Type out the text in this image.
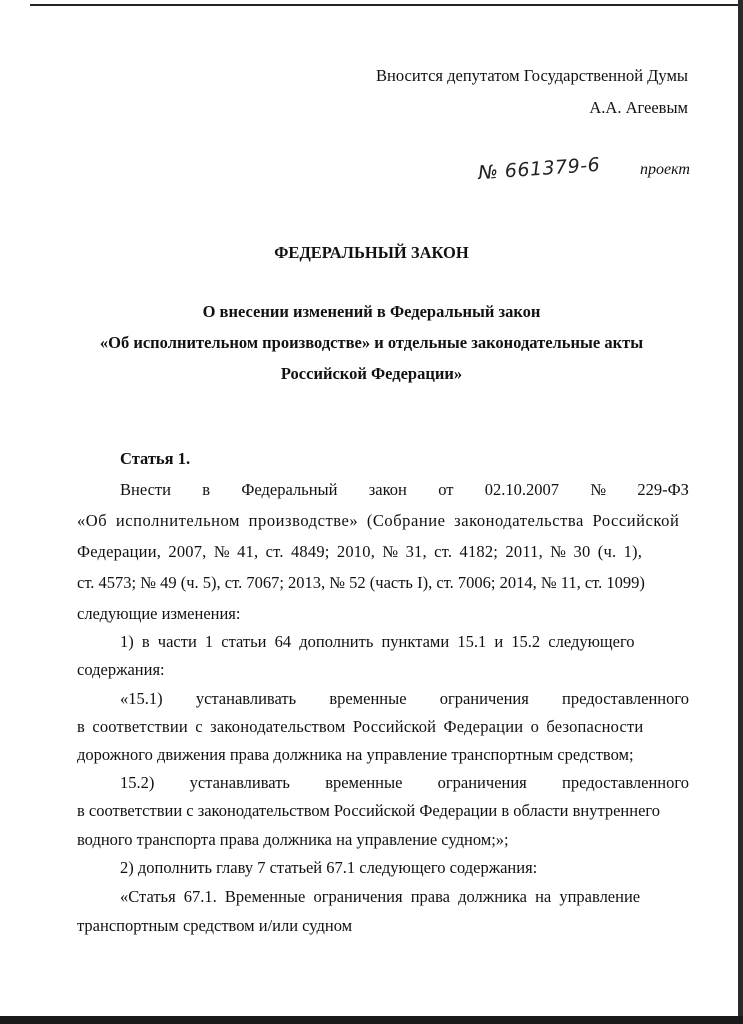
Вносится депутатом Государственной Думы
А.А. Агеевым
№ 661379-6 проект
ФЕДЕРАЛЬНЫЙ ЗАКОН
О внесении изменений в Федеральный закон
«Об исполнительном производстве» и отдельные законодательные акты
Российской Федерации»
Статья 1.
Внести в Федеральный закон от 02.10.2007 № 229-ФЗ
«Об исполнительном производстве» (Собрание законодательства Российской
Федерации, 2007, № 41, ст. 4849; 2010, № 31, ст. 4182; 2011, № 30 (ч. 1),
ст. 4573; № 49 (ч. 5), ст. 7067; 2013, № 52 (часть I), ст. 7006; 2014, № 11, ст. 1099)
следующие изменения:
1) в части 1 статьи 64 дополнить пунктами 15.1 и 15.2 следующего
содержания:
«15.1) устанавливать временные ограничения предоставленного
в соответствии с законодательством Российской Федерации о безопасности
дорожного движения права должника на управление транспортным средством;
15.2) устанавливать временные ограничения предоставленного
в соответствии с законодательством Российской Федерации в области внутреннего
водного транспорта права должника на управление судном;»;
2) дополнить главу 7 статьей 67.1 следующего содержания:
«Статья 67.1. Временные ограничения права должника на управление
транспортным средством и/или судном
